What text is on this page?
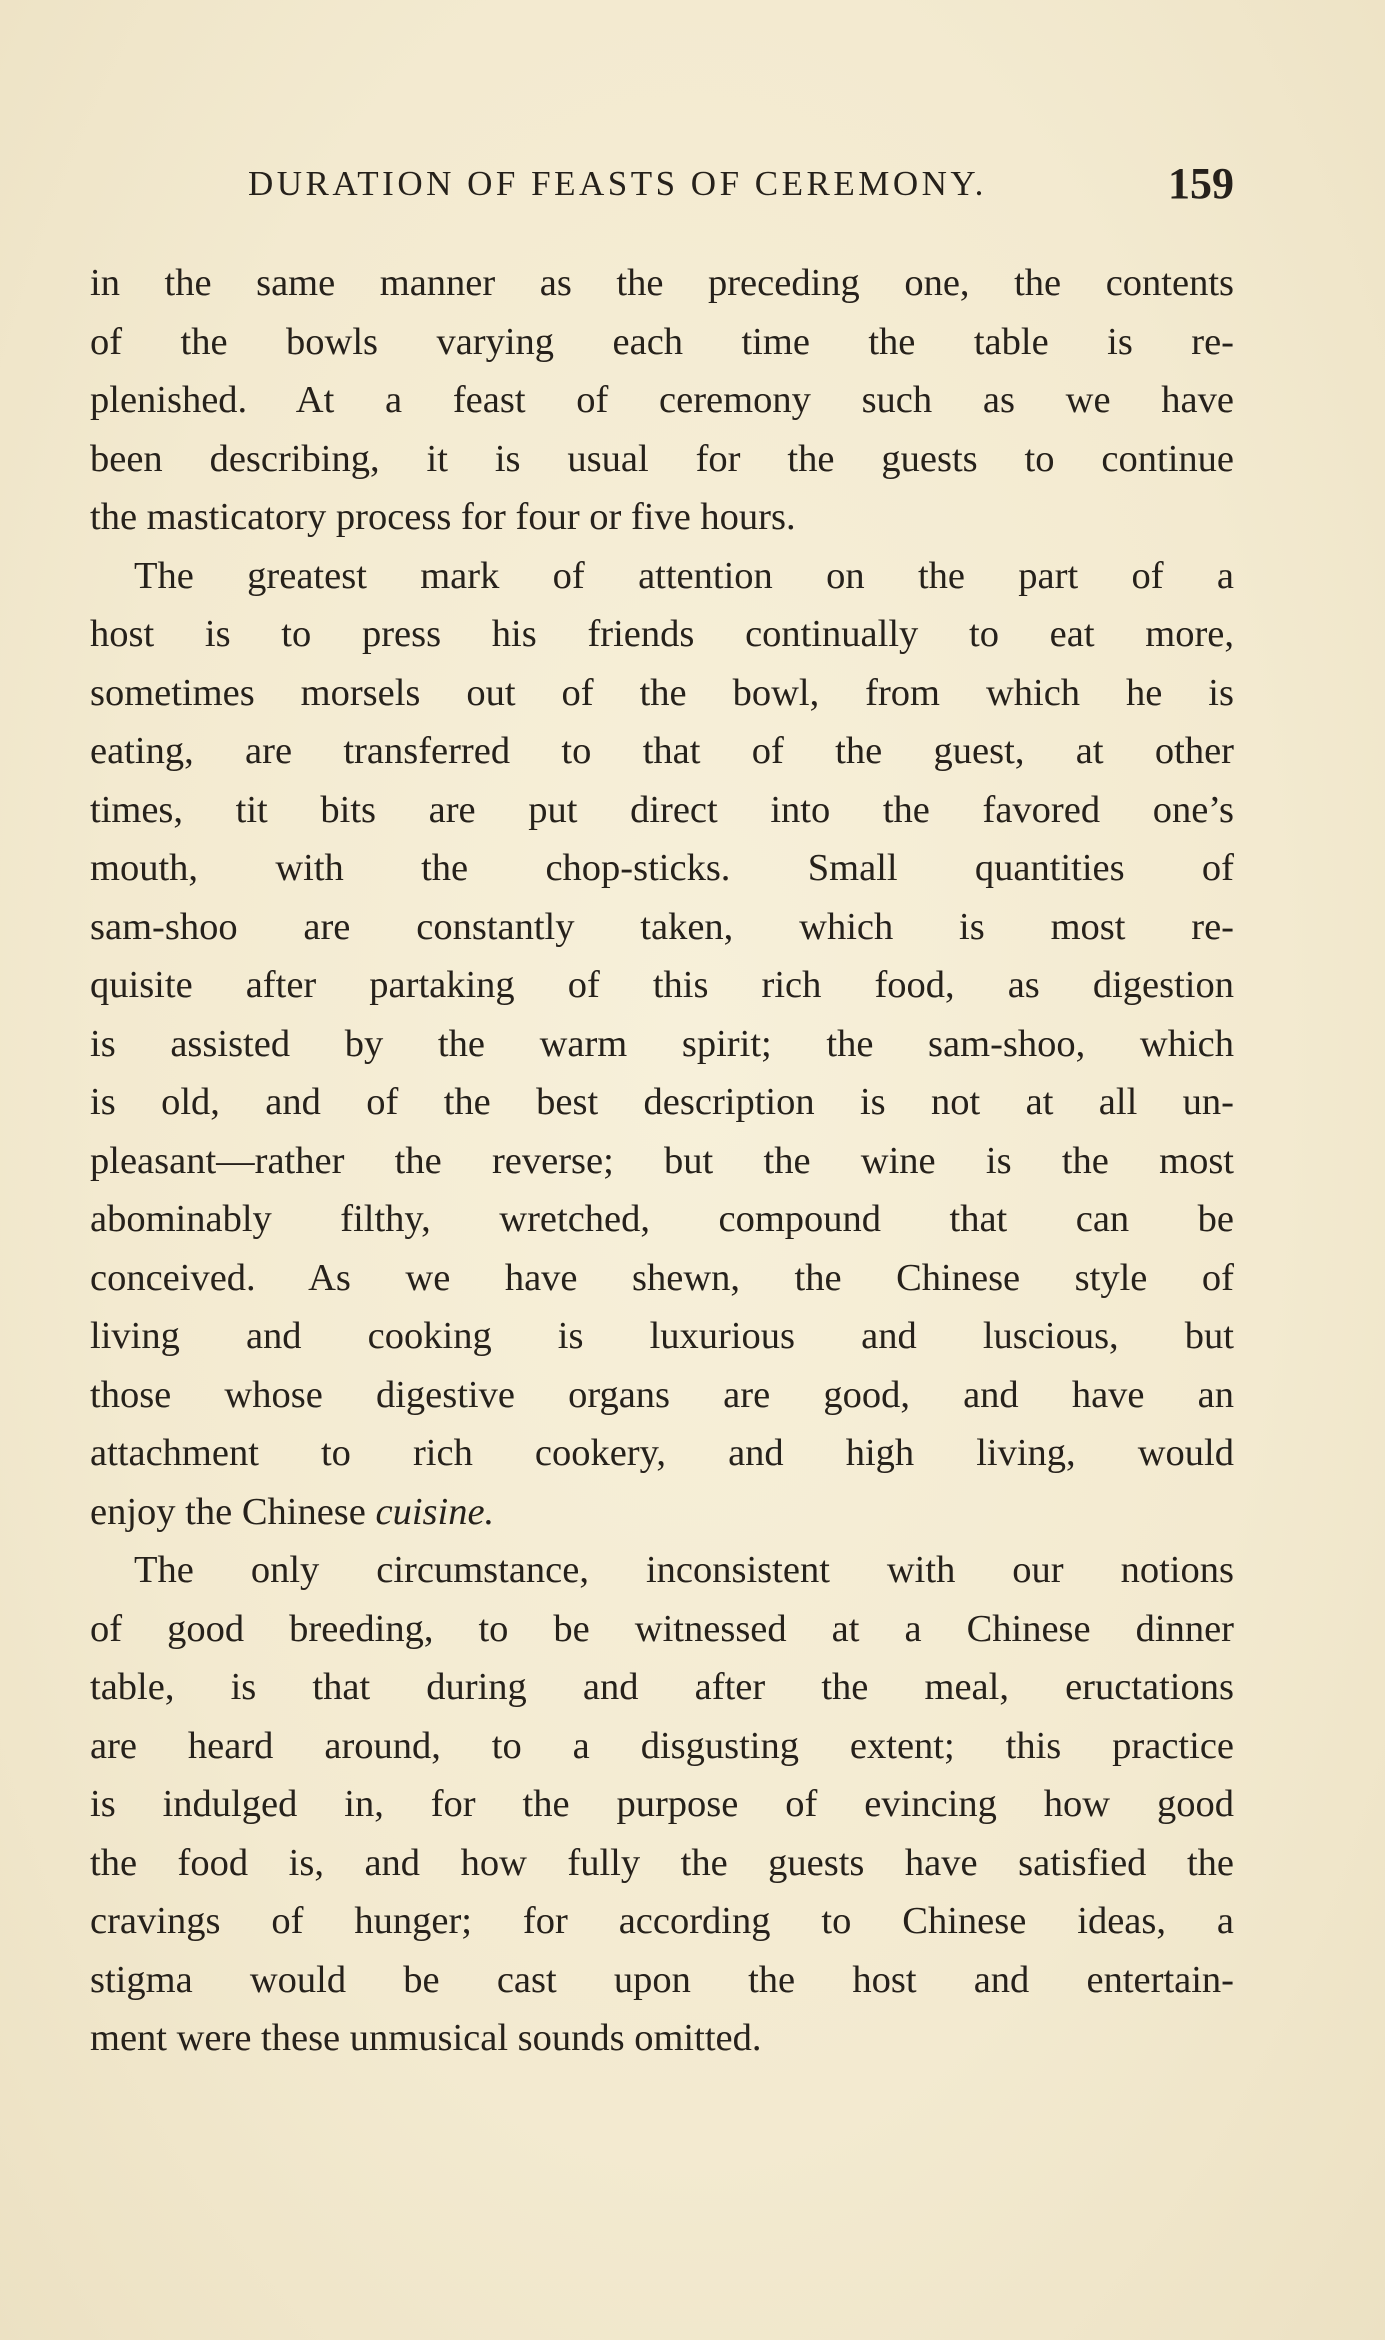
DURATION OF FEASTS OF CEREMONY.	159
in the same manner as the preceding one, the contents
of the bowls varying each time the table is re-
plenished. At a feast of ceremony such as we have
been describing, it is usual for the guests to continue
the masticatory process for four or five hours.
The greatest mark of attention on the part of a
host is to press his friends continually to eat more,
sometimes morsels out of the bowl, from which he is
eating, are transferred to that of the guest, at other
times, tit bits are put direct into the favored one’s
mouth, with the chop-sticks. Small quantities of
sam-shoo are constantly taken, which is most re-
quisite after partaking of this rich food, as digestion
is assisted by the warm spirit; the sam-shoo, which
is old, and of the best description is not at all un-
pleasant—rather the reverse; but the wine is the most
abominably filthy, wretched, compound that can be
conceived. As we have shewn, the Chinese style of
living and cooking is luxurious and luscious, but
those whose digestive organs are good, and have an
attachment to rich cookery, and high living, would
enjoy the Chinese cuisine.
The only circumstance, inconsistent with our notions
of good breeding, to be witnessed at a Chinese dinner
table, is that during and after the meal, eructations
are heard around, to a disgusting extent; this practice
is indulged in, for the purpose of evincing how good
the food is, and how fully the guests have satisfied the
cravings of hunger; for according to Chinese ideas, a
stigma would be cast upon the host and entertain-
ment were these unmusical sounds omitted.
